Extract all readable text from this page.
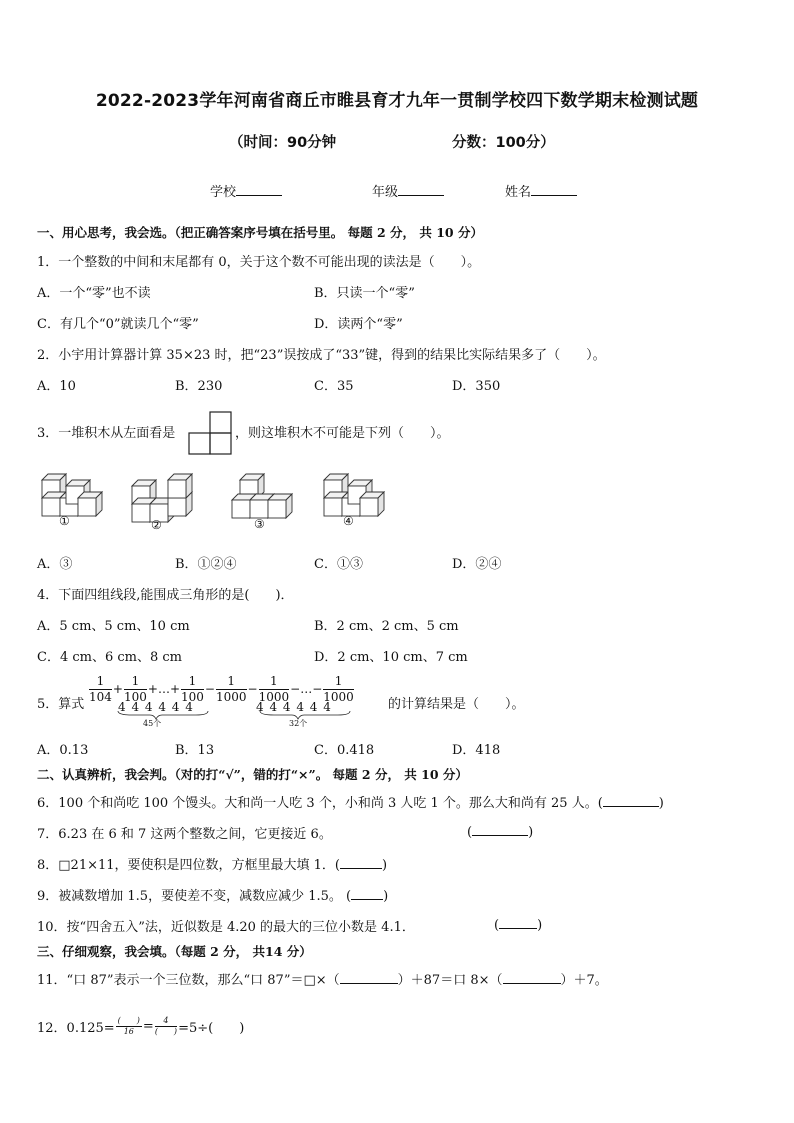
2022-2023学年河南省商丘市睢县育才九年一贯制学校四下数学期末检测试题
（时间：90分钟	分数：100分）
学校	年级	姓名
一、用心思考，我会选。（把正确答案序号填在括号里。 每题 2 分， 共 10 分）
1．一个整数的中间和末尾都有 0，关于这个数不可能出现的读法是（　　）。
A．一个“零”也不读	B．只读一个“零”
C．有几个“0”就读几个“零”	D．读两个“零”
2．小宇用计算器计算 35×23 时，把“23”误按成了“33”键，得到的结果比实际结果多了（　　）。
A．10	B．230	C．35	D．350
3．一堆积木从左面看是	，则这堆积木不可能是下列（　　）。
①	②	③	④
A．③	B．①②④	C．①③	D．②④
4．下面四组线段,能围成三角形的是(　　)．
A．5 cm、5 cm、10 cm	B．2 cm、2 cm、5 cm
C．4 cm、6 cm、8 cm	D．2 cm、10 cm、7 cm
5．算式 $\frac{1}{104} + \frac{1}{100}$ +…+ $\frac{1}{100} - \frac{1}{1000} - \frac{1}{1000}$ −…− $\frac{1}{1000}$
4 4 4 4 4 4	4 4 4 4 4 4
45个	32个
的计算结果是（　　）。
A．0.13	B．13	C．0.418	D．418
二、认真辨析，我会判。（对的打“√”，错的打“×”。 每题 2 分， 共 10 分）
6．100 个和尚吃 100 个馒头。大和尚一人吃 3 个，小和尚 3 人吃 1 个。那么大和尚有 25 人。(	)
7．6.23 在 6 和 7 这两个整数之间，它更接近 6。	(	)
8．□21×11，要使积是四位数，方框里最大填 1．(	)
9．被减数增加 1.5，要使差不变，减数应减少 1.5。 ( )
10．按“四舍五入”法，近似数是 4.20 的最大的三位小数是 4.1．	(	)
三、仔细观察，我会填。（每题 2 分， 共14 分）
11．“口 87”表示一个三位数，那么“口 87”＝□×（	）＋87＝口 8×（	）＋7。
12．$0.125= \frac{( )}{16} = \frac{4}{( )} =5\div$(　　)
